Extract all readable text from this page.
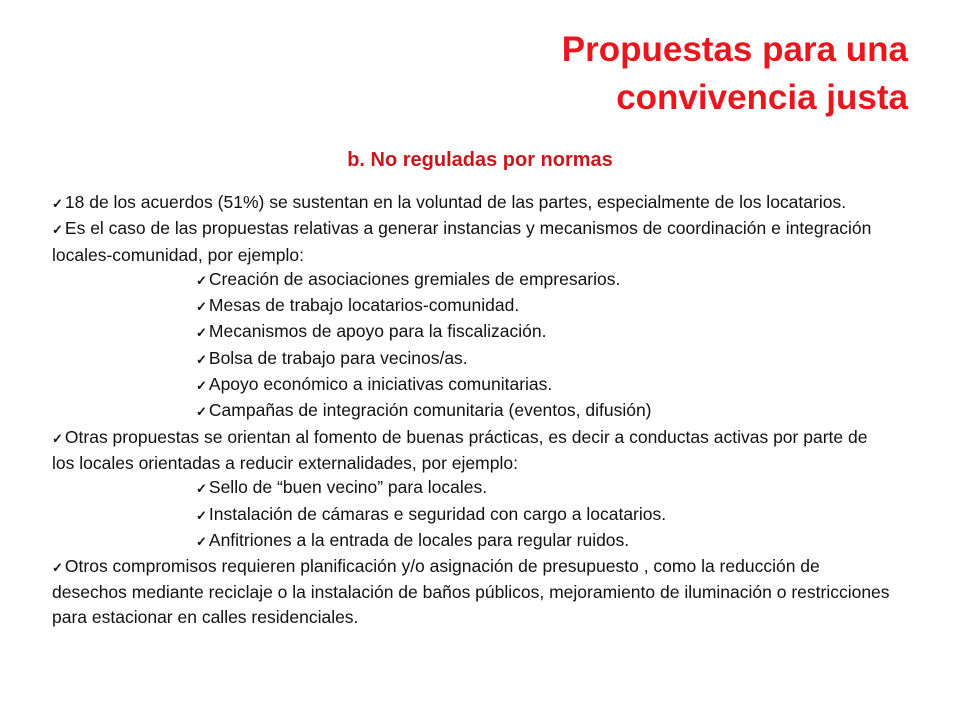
Propuestas para una
convivencia justa
b. No reguladas por normas

✓ 18 de los acuerdos (51%) se sustentan en la voluntad de las partes, especialmente de los locatarios.

✓ Es el caso de las propuestas relativas a generar instancias y mecanismos de coordinación e integración locales-comunidad, por ejemplo:

✓ Creación de asociaciones gremiales de empresarios.

✓ Mesas de trabajo locatarios-comunidad.

✓ Mecanismos de apoyo para la fiscalización.

✓ Bolsa de trabajo para vecinos/as.

✓ Apoyo económico a iniciativas comunitarias.

✓ Campañas de integración comunitaria (eventos, difusión)

✓ Otras propuestas se orientan al fomento de buenas prácticas, es decir a conductas activas por parte de los locales orientadas a reducir externalidades, por ejemplo:

✓ Sello de “buen vecino” para locales.

✓ Instalación de cámaras e seguridad con cargo a locatarios.

✓ Anfitriones a la entrada de locales para regular ruidos.

✓ Otros compromisos requieren planificación y/o asignación de presupuesto , como la reducción de desechos mediante reciclaje o la instalación de baños públicos, mejoramiento de iluminación o restricciones para estacionar en calles residenciales.
